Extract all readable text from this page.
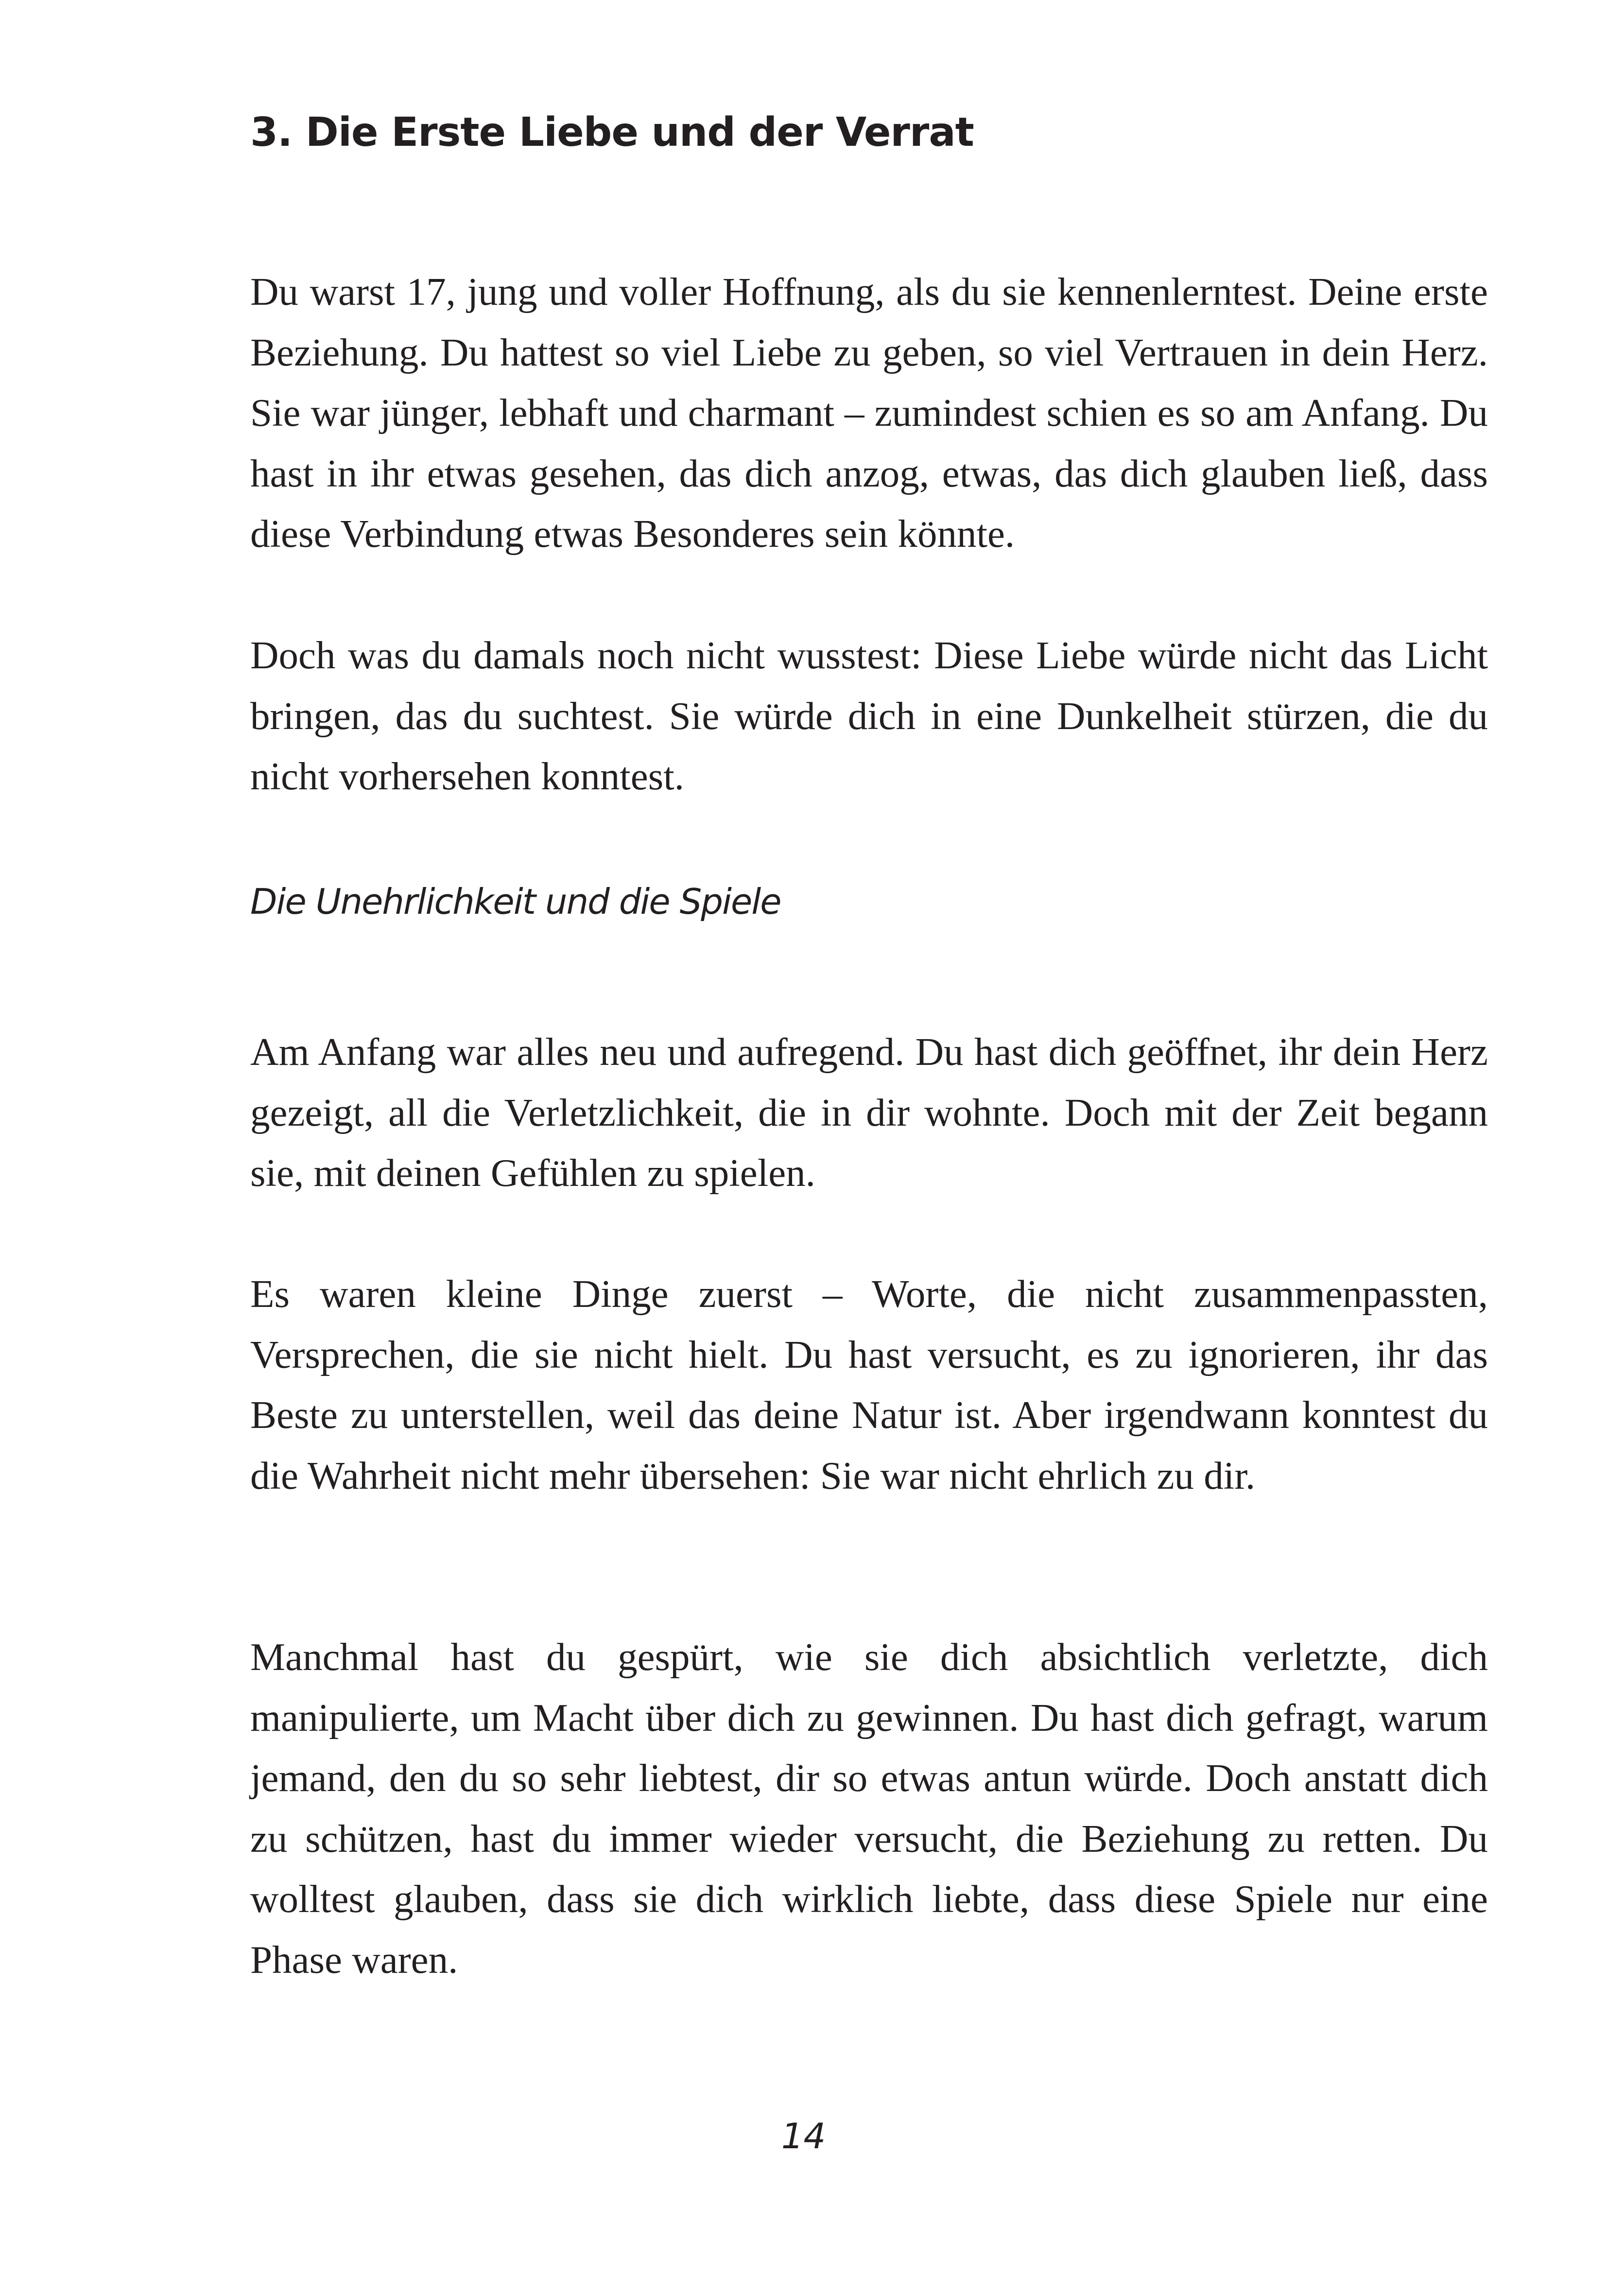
3. Die Erste Liebe und der Verrat

Du warst 17, jung und voller Hoffnung, als du sie kennenlerntest. Deine erste Beziehung. Du hattest so viel Liebe zu geben, so viel Vertrauen in dein Herz. Sie war jünger, lebhaft und charmant – zumindest schien es so am Anfang. Du hast in ihr etwas gesehen, das dich anzog, etwas, das dich glauben ließ, dass diese Verbindung etwas Besonderes sein könnte.

Doch was du damals noch nicht wusstest: Diese Liebe würde nicht das Licht bringen, das du suchtest. Sie würde dich in eine Dunkelheit stürzen, die du nicht vorhersehen konntest.

Die Unehrlichkeit und die Spiele

Am Anfang war alles neu und aufregend. Du hast dich geöffnet, ihr dein Herz gezeigt, all die Verletzlichkeit, die in dir wohnte. Doch mit der Zeit begann sie, mit deinen Gefühlen zu spielen.

Es waren kleine Dinge zuerst – Worte, die nicht zusammenpassten, Versprechen, die sie nicht hielt. Du hast versucht, es zu ignorieren, ihr das Beste zu unterstellen, weil das deine Natur ist. Aber irgendwann konntest du die Wahrheit nicht mehr übersehen: Sie war nicht ehrlich zu dir.

Manchmal hast du gespürt, wie sie dich absichtlich verletzte, dich manipulierte, um Macht über dich zu gewinnen. Du hast dich gefragt, warum jemand, den du so sehr liebtest, dir so etwas antun würde. Doch anstatt dich zu schützen, hast du immer wieder versucht, die Beziehung zu retten. Du wolltest glauben, dass sie dich wirklich liebte, dass diese Spiele nur eine Phase waren.

14
